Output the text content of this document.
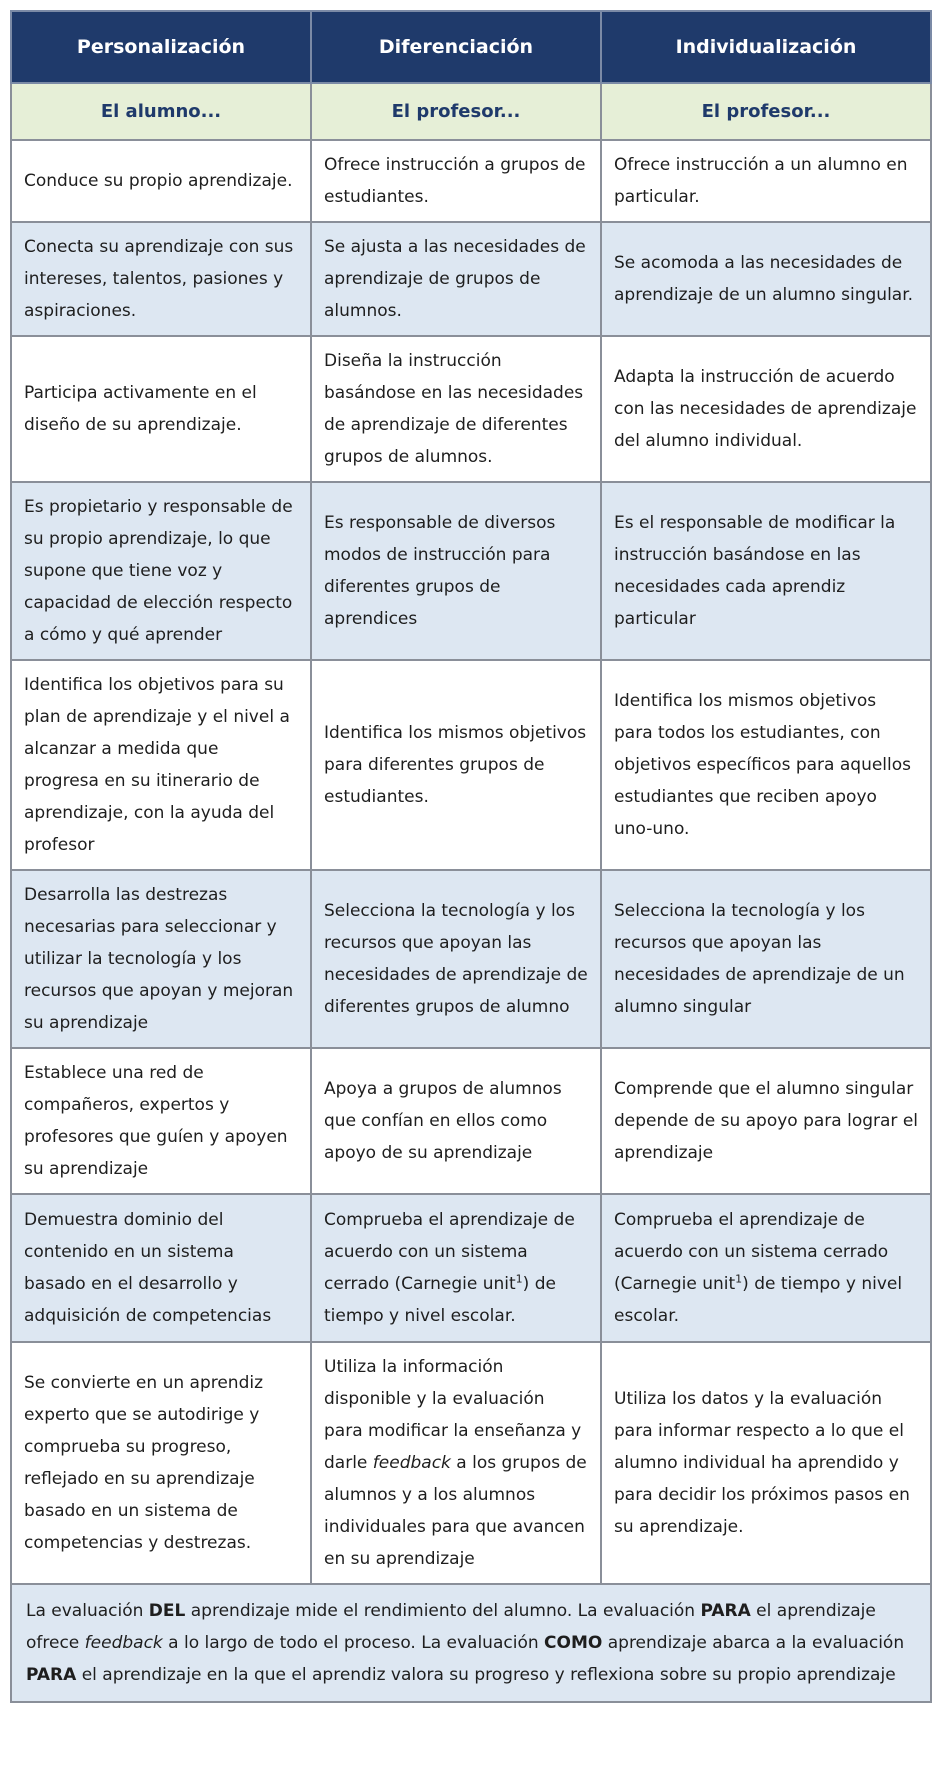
Personalización	Diferenciación	Individualización
El alumno...	El profesor...	El profesor...
Conduce su propio aprendizaje.	Ofrece instrucción a grupos de estudiantes.	Ofrece instrucción a un alumno en particular.
Conecta su aprendizaje con sus intereses, talentos, pasiones y aspiraciones.	Se ajusta a las necesidades de aprendizaje de grupos de alumnos.	Se acomoda a las necesidades de aprendizaje de un alumno singular.
Participa activamente en el diseño de su aprendizaje.	Diseña la instrucción basándose en las necesidades de aprendizaje de diferentes grupos de alumnos.	Adapta la instrucción de acuerdo con las necesidades de aprendizaje del alumno individual.
Es propietario y responsable de su propio aprendizaje, lo que supone que tiene voz y capacidad de elección respecto a cómo y qué aprender	Es responsable de diversos modos de instrucción para diferentes grupos de aprendices	Es el responsable de modificar la instrucción basándose en las necesidades cada aprendiz particular
Identifica los objetivos para su plan de aprendizaje y el nivel a alcanzar a medida que progresa en su itinerario de aprendizaje, con la ayuda del profesor	Identifica los mismos objetivos para diferentes grupos de estudiantes.	Identifica los mismos objetivos para todos los estudiantes, con objetivos específicos para aquellos estudiantes que reciben apoyo uno-uno.
Desarrolla las destrezas necesarias para seleccionar y utilizar la tecnología y los recursos que apoyan y mejoran su aprendizaje	Selecciona la tecnología y los recursos que apoyan las necesidades de aprendizaje de diferentes grupos de alumno	Selecciona la tecnología y los recursos que apoyan las necesidades de aprendizaje de un alumno singular
Establece una red de compañeros, expertos y profesores que guíen y apoyen su aprendizaje	Apoya a grupos de alumnos que confían en ellos como apoyo de su aprendizaje	Comprende que el alumno singular depende de su apoyo para lograr el aprendizaje
Demuestra dominio del contenido en un sistema basado en el desarrollo y adquisición de competencias	Comprueba el aprendizaje de acuerdo con un sistema cerrado (Carnegie unit$^1$) de tiempo y nivel escolar.	Comprueba el aprendizaje de acuerdo con un sistema cerrado (Carnegie unit$^1$) de tiempo y nivel escolar.
Se convierte en un aprendiz experto que se autodirige y comprueba su progreso, reflejado en su aprendizaje basado en un sistema de competencias y destrezas.	Utiliza la información disponible y la evaluación para modificar la enseñanza y darle feedback a los grupos de alumnos y a los alumnos individuales para que avancen en su aprendizaje	Utiliza los datos y la evaluación para informar respecto a lo que el alumno individual ha aprendido y para decidir los próximos pasos en su aprendizaje.
La evaluación DEL aprendizaje mide el rendimiento del alumno. La evaluación PARA el aprendizaje ofrece feedback a lo largo de todo el proceso. La evaluación COMO aprendizaje abarca a la evaluación PARA el aprendizaje en la que el aprendiz valora su progreso y reflexiona sobre su propio aprendizaje		
